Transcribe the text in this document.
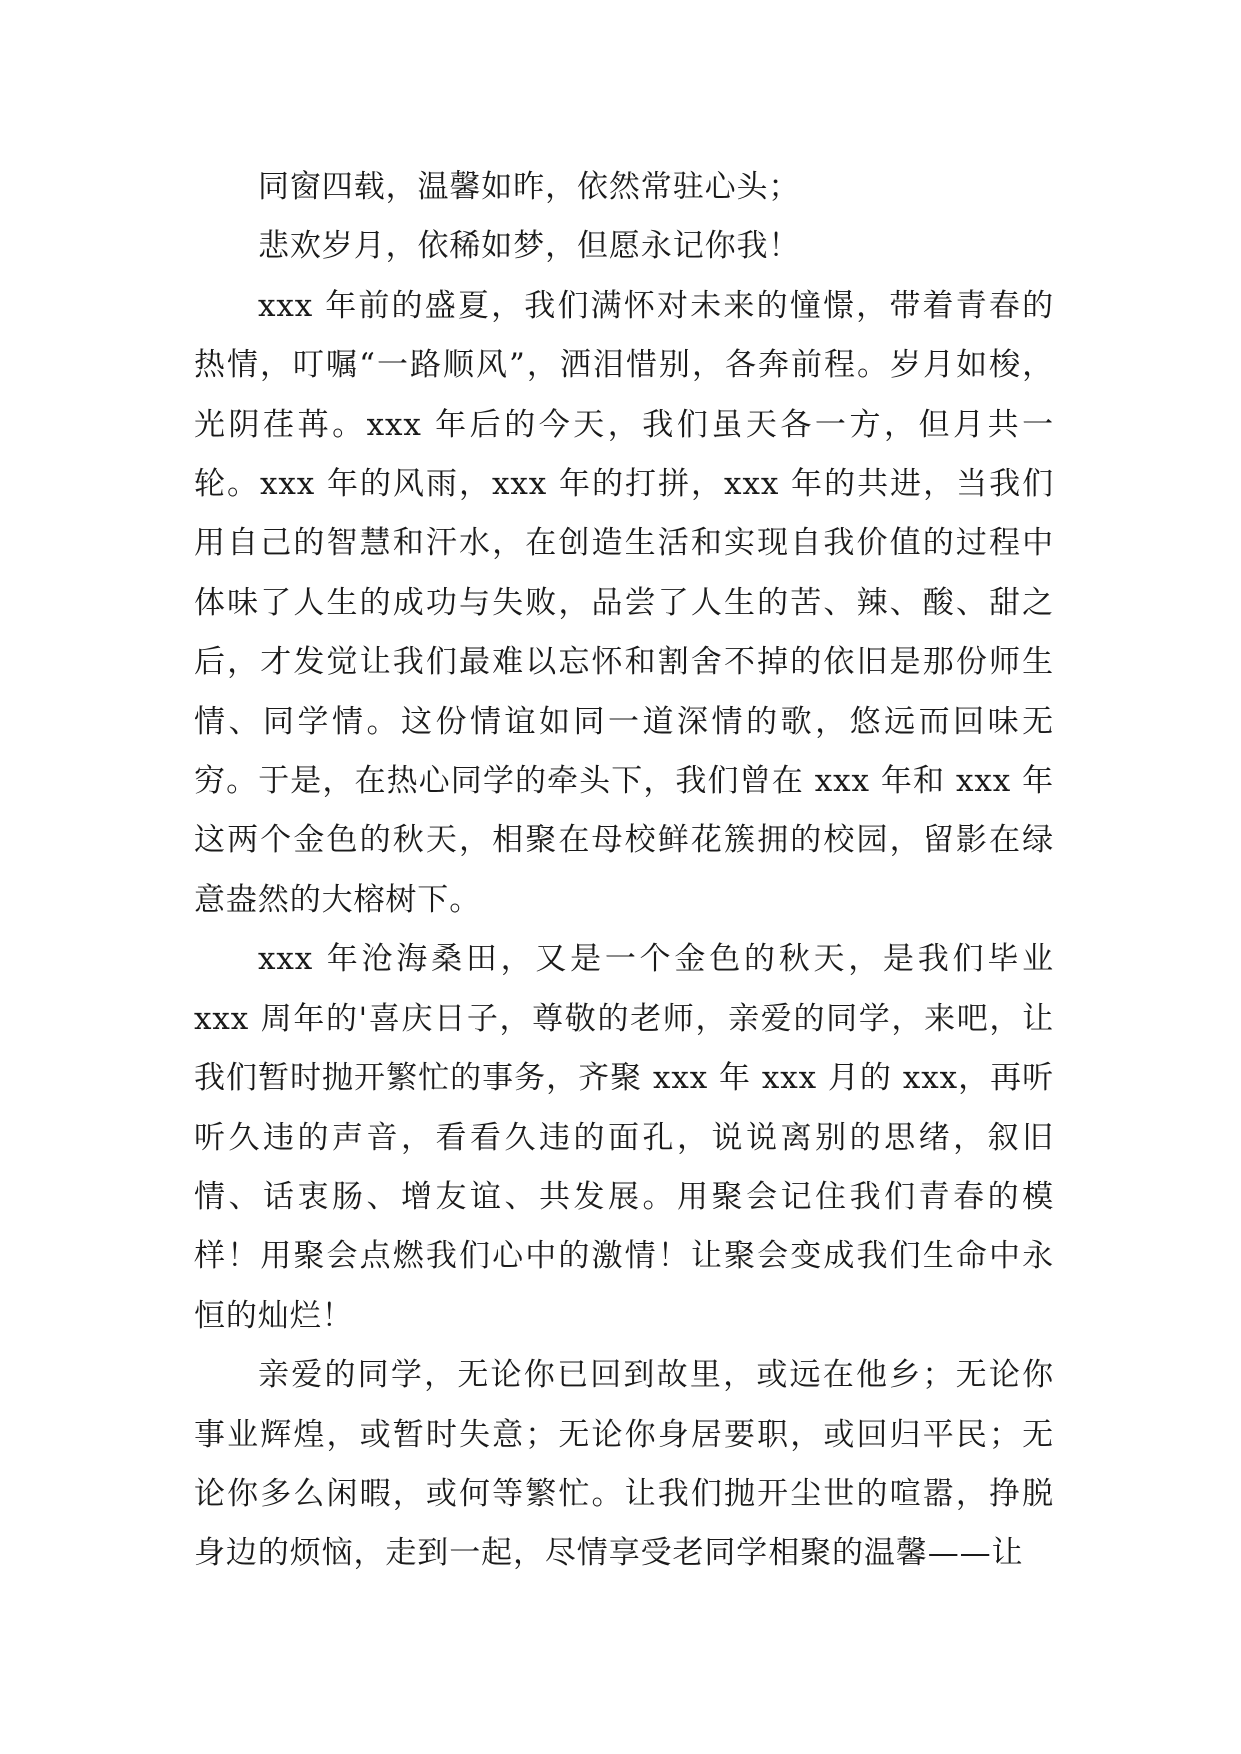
同窗四载，温馨如昨，依然常驻心头；

悲欢岁月，依稀如梦，但愿永记你我！

xxx 年前的盛夏，我们满怀对未来的憧憬，带着青春的热情，叮嘱“一路顺风”，洒泪惜别，各奔前程。岁月如梭，光阴荏苒。xxx 年后的今天，我们虽天各一方，但月共一轮。xxx 年的风雨，xxx 年的打拼，xxx 年的共进，当我们用自己的智慧和汗水，在创造生活和实现自我价值的过程中体味了人生的成功与失败，品尝了人生的苦、辣、酸、甜之后，才发觉让我们最难以忘怀和割舍不掉的依旧是那份师生情、同学情。这份情谊如同一道深情的歌，悠远而回味无穷。于是，在热心同学的牵头下，我们曾在 xxx 年和 xxx 年这两个金色的秋天，相聚在母校鲜花簇拥的校园，留影在绿意盎然的大榕树下。

xxx 年沧海桑田，又是一个金色的秋天，是我们毕业 xxx 周年的'喜庆日子，尊敬的老师，亲爱的同学，来吧，让我们暂时抛开繁忙的事务，齐聚 xxx 年 xxx 月的 xxx，再听听久违的声音，看看久违的面孔，说说离别的思绪，叙旧情、话衷肠、增友谊、共发展。用聚会记住我们青春的模样！用聚会点燃我们心中的激情！让聚会变成我们生命中永恒的灿烂！

亲爱的同学，无论你已回到故里，或远在他乡；无论你事业辉煌，或暂时失意；无论你身居要职，或回归平民；无论你多么闲暇，或何等繁忙。让我们抛开尘世的喧嚣，挣脱身边的烦恼，走到一起，尽情享受老同学相聚的温馨——让
